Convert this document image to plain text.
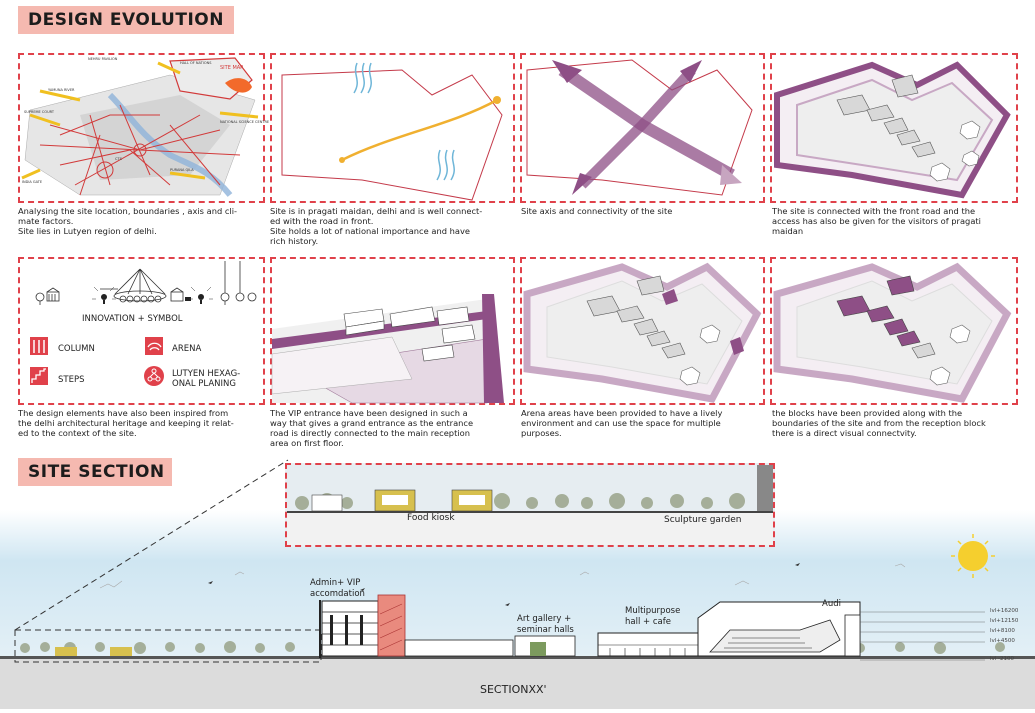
DESIGN EVOLUTION
SITE MAP
NEHRU PAVILION
HALL OF NATIONS
YAMUNA RIVER
SUPREME COURT
NATIONAL SCIENCE CENTRE
PURANA QILA
INDIA GATE
CTS
Analysing the site location, boundaries , axis and cli-
mate factors.
Site lies in Lutyen region of delhi.
Site is in pragati maidan, delhi and is well connect-
ed with the road in front.
Site holds a lot of national importance and have
rich history.
Site axis and connectivity of the site	The site is connected with the front road and the
access has also be given for the visitors of pragati
maidan
INNOVATION + SYMBOL
COLUMN
STEPS
ARENA
LUTYEN HEXAG-
ONAL PLANING
The design elements have also been inspired from
the delhi architectural heritage and keeping it relat-
ed to the context of the site.
The VIP entrance have been designed in such a
way that gives a grand entrance as the entrance
road is directly connected to the main reception
area on first floor.
Arena areas have been provided to have a lively
environment and can use the space for multiple
purposes.
the blocks have been provided along with the
boundaries of the site and from the reception block
there is a direct visual connectvity.
SITE SECTION
Admin+ VIP
accomdation
Art gallery +
seminar halls
Multipurpose
hall + cafe
Audi
lvl+16200
lvl+12150
lvl+8100
lvl+4500
lvl -2100
SECTIONXX'
Food kiosk	Sculpture garden
